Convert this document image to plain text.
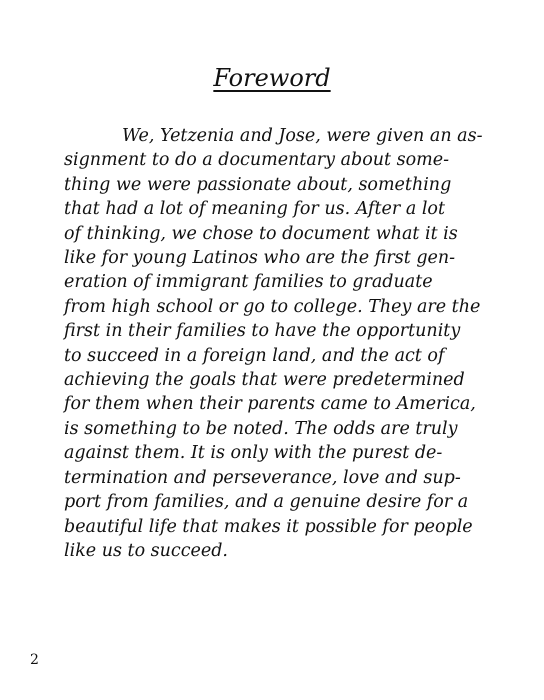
Foreword

We, Yetzenia and Jose, were given an as-
signment to do a documentary about some-
thing we were passionate about, something
that had a lot of meaning for us. After a lot
of thinking, we chose to document what it is
like for young Latinos who are the first gen-
eration of immigrant families to graduate
from high school or go to college. They are the
first in their families to have the opportunity
to succeed in a foreign land, and the act of
achieving the goals that were predetermined
for them when their parents came to America,
is something to be noted. The odds are truly
against them. It is only with the purest de-
termination and perseverance, love and sup-
port from families, and a genuine desire for a
beautiful life that makes it possible for people
like us to succeed.

2
